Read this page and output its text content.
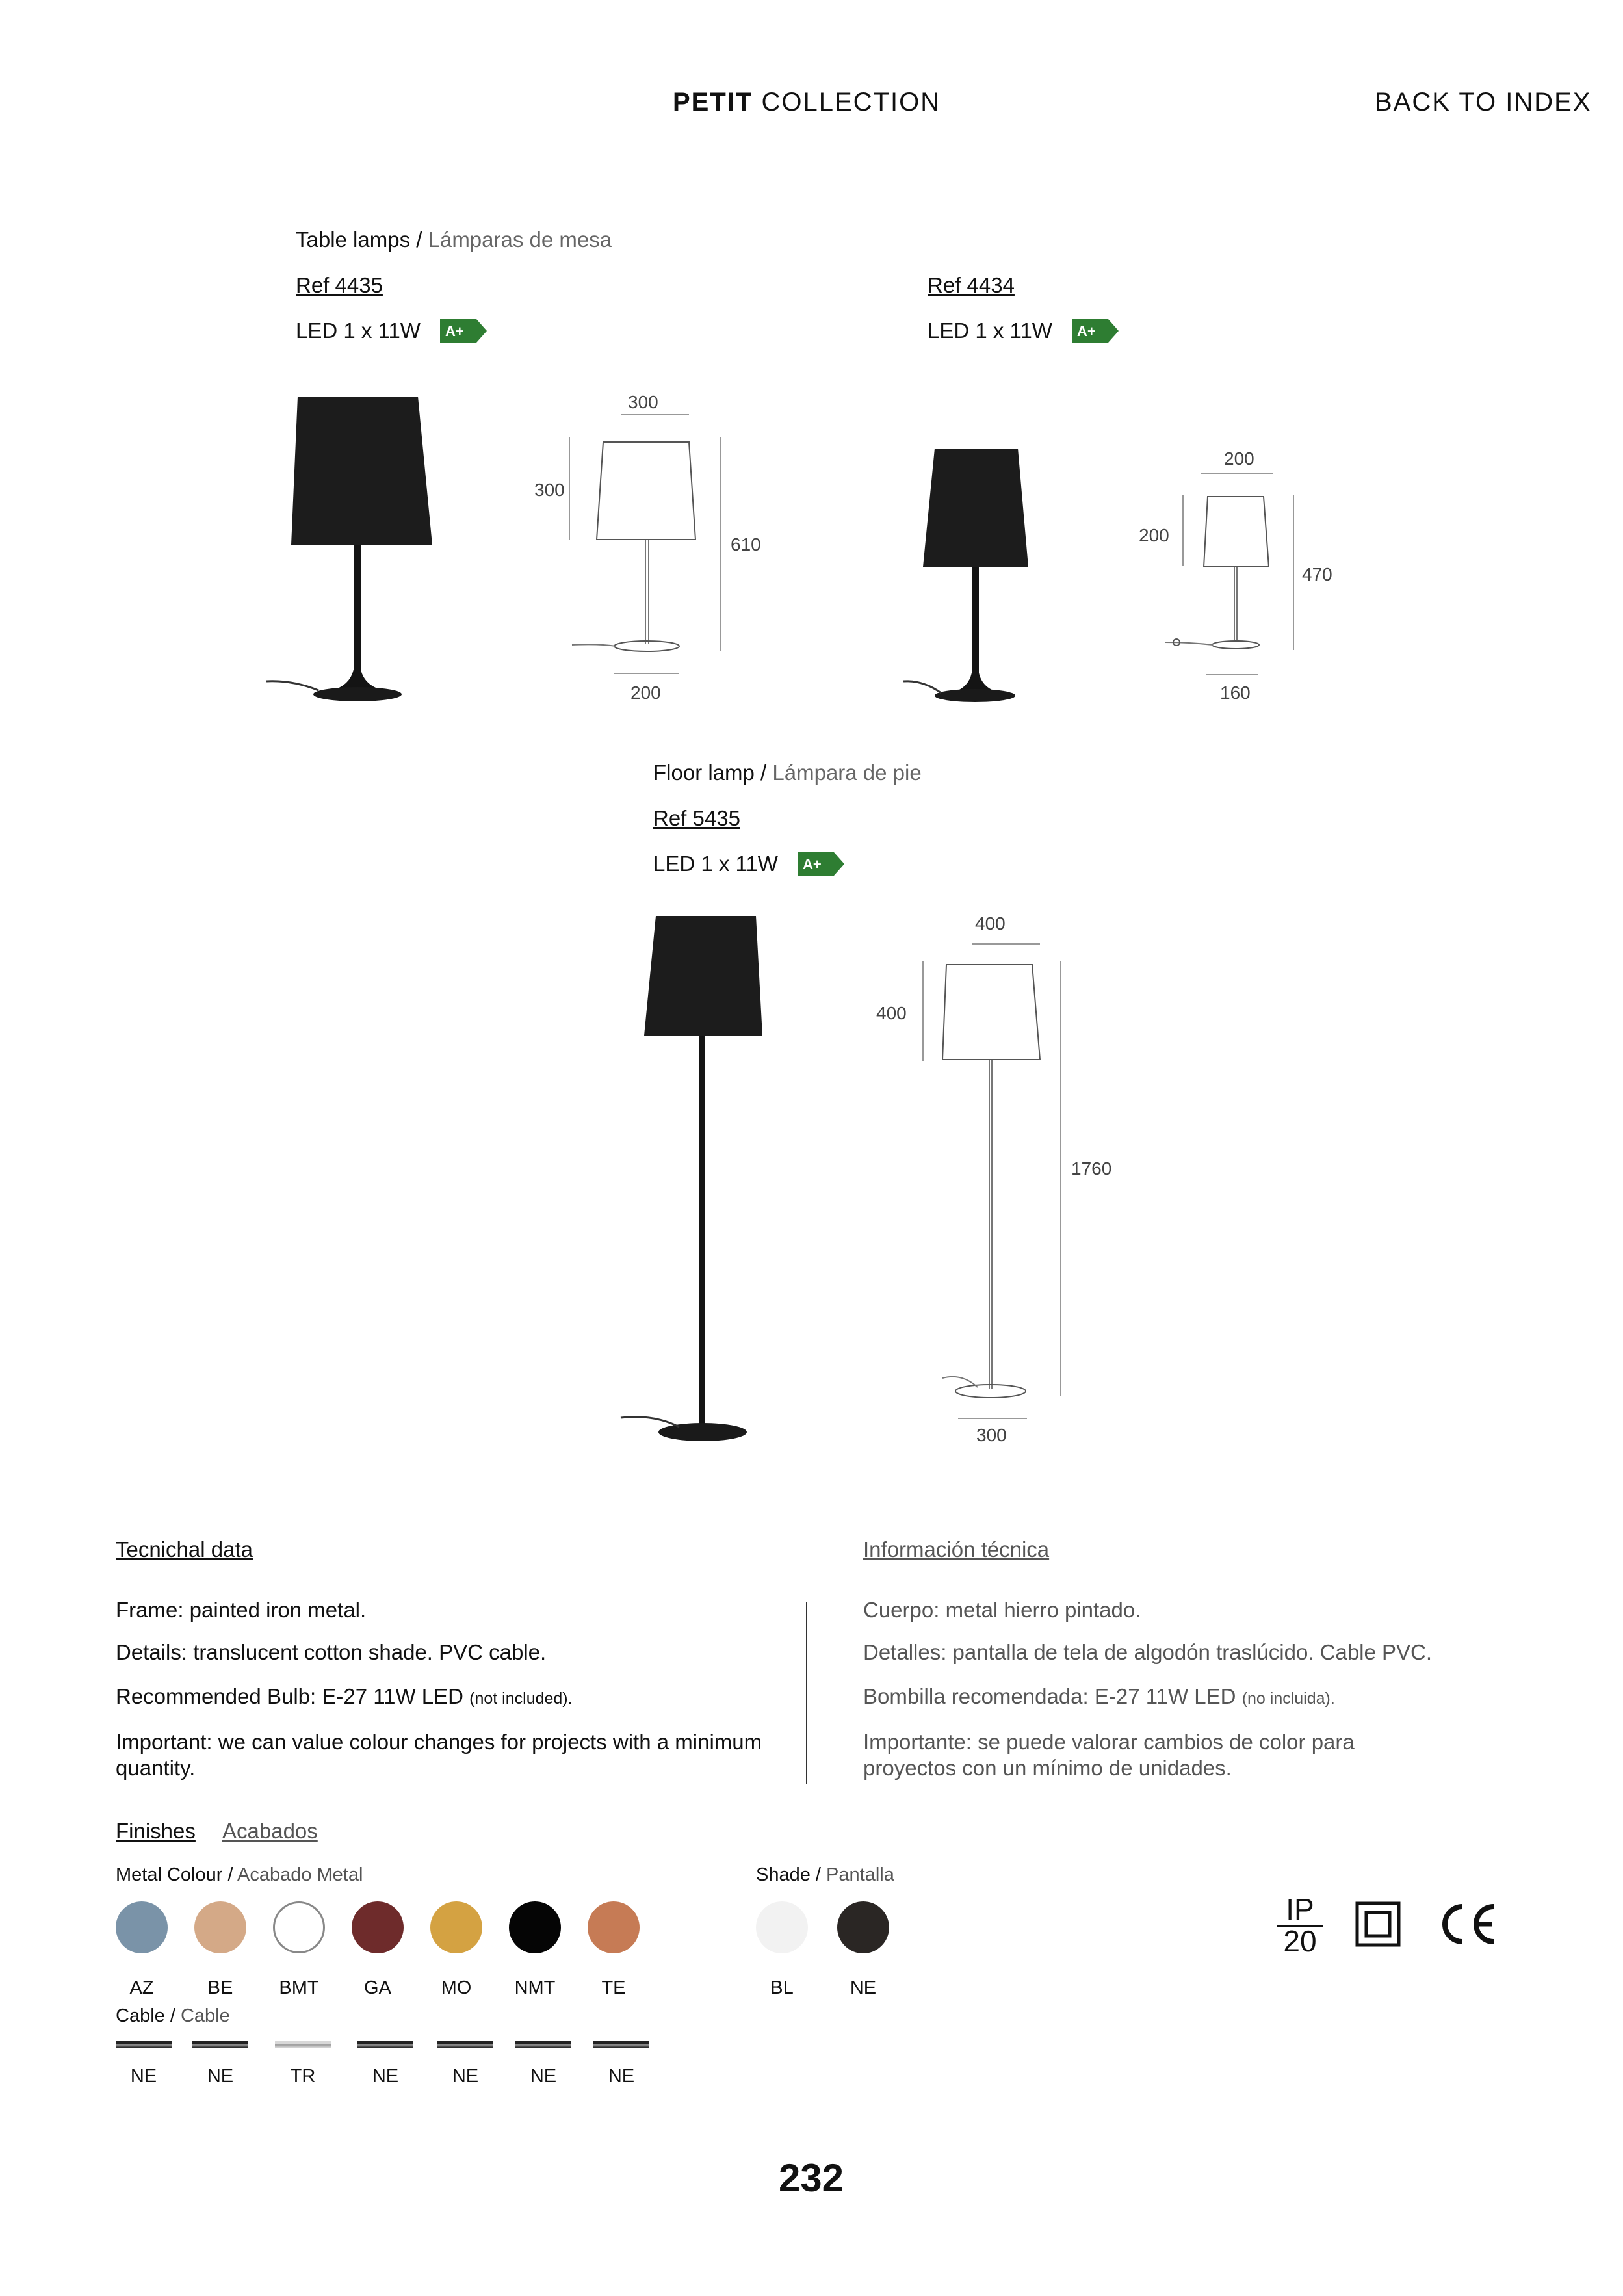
PETIT COLLECTION	BACK TO INDEX
Table lamps / Lámparas de mesa
Ref 4435
LED 1 x 11W A+
Ref 4434
LED 1 x 11W A+
300
300
610
200
200
200
470
160
Floor lamp / Lámpara de pie
Ref 5435
LED 1 x 11W A+
400
400
1760
300
Tecnichal data	Información técnica
Frame: painted iron metal.
Details: translucent cotton shade. PVC cable.
Recommended Bulb: E-27 11W LED (not included).
Important: we can value colour changes for projects with a minimum quantity.
Cuerpo: metal hierro pintado.
Detalles: pantalla de tela de algodón traslúcido. Cable PVC.
Bombilla recomendada: E-27 11W LED (no incluida).
Importante: se puede valorar cambios de color para proyectos con un mínimo de unidades.
Finishes Acabados
Metal Colour / Acabado Metal
AZ	BE	BMT	GA	MO	NMT	TE
Shade / Pantalla
BL	NE
Cable / Cable
NE	NE	TR	NE	NE	NE	NE
IP
20
232
